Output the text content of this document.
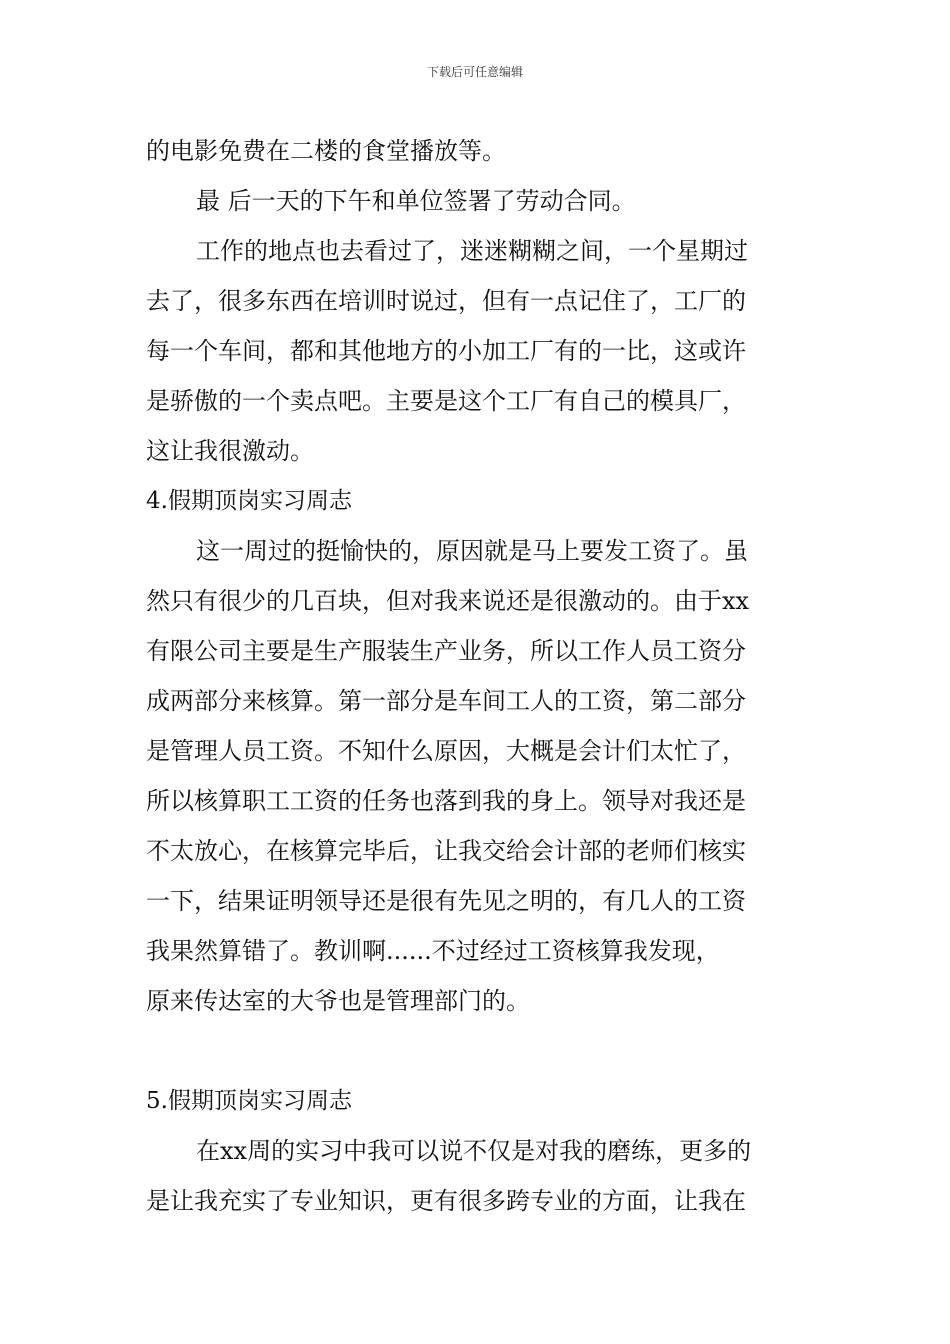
下载后可任意编辑
的电影免费在二楼的食堂播放等。
最 后一天的下午和单位签署了劳动合同。
工作的地点也去看过了，迷迷糊糊之间，一个星期过
去了，很多东西在培训时说过，但有一点记住了，工厂的
每一个车间，都和其他地方的小加工厂有的一比，这或许
是骄傲的一个卖点吧。主要是这个工厂有自己的模具厂，
这让我很激动。
4.假期顶岗实习周志
这一周过的挺愉快的，原因就是马上要发工资了。虽
然只有很少的几百块，但对我来说还是很激动的。由于xx
有限公司主要是生产服装生产业务，所以工作人员工资分
成两部分来核算。第一部分是车间工人的工资，第二部分
是管理人员工资。不知什么原因，大概是会计们太忙了，
所以核算职工工资的任务也落到我的身上。领导对我还是
不太放心，在核算完毕后，让我交给会计部的老师们核实
一下，结果证明领导还是很有先见之明的，有几人的工资
我果然算错了。教训啊......不过经过工资核算我发现，
原来传达室的大爷也是管理部门的。
5.假期顶岗实习周志
在xx周的实习中我可以说不仅是对我的磨练，更多的
是让我充实了专业知识，更有很多跨专业的方面，让我在
